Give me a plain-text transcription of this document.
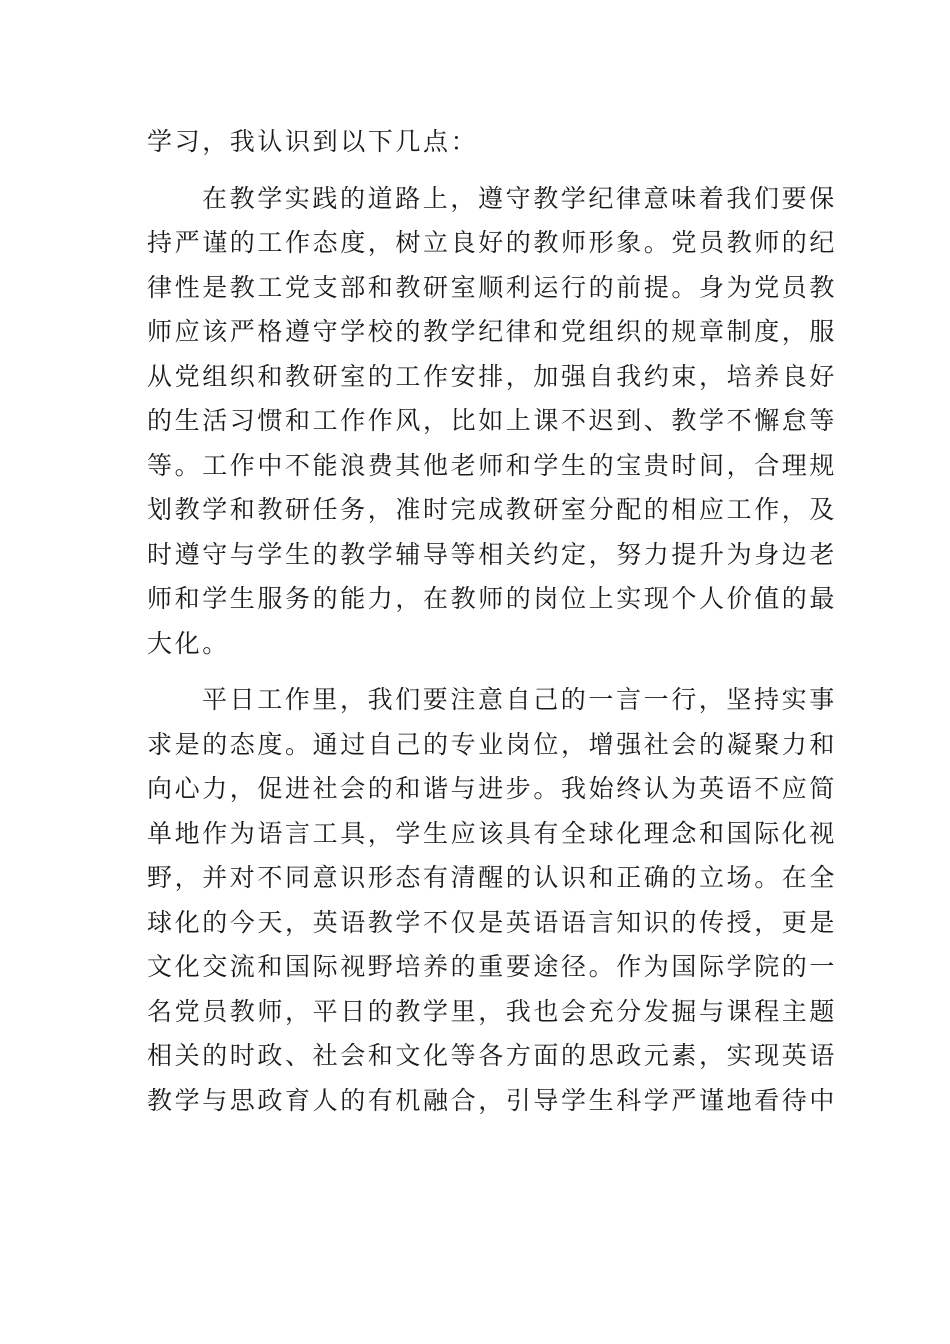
学习，我认识到以下几点：
在教学实践的道路上，遵守教学纪律意味着我们要保
持严谨的工作态度，树立良好的教师形象。党员教师的纪
律性是教工党支部和教研室顺利运行的前提。身为党员教
师应该严格遵守学校的教学纪律和党组织的规章制度，服
从党组织和教研室的工作安排，加强自我约束，培养良好
的生活习惯和工作作风，比如上课不迟到、教学不懈怠等
等。工作中不能浪费其他老师和学生的宝贵时间，合理规
划教学和教研任务，准时完成教研室分配的相应工作，及
时遵守与学生的教学辅导等相关约定，努力提升为身边老
师和学生服务的能力，在教师的岗位上实现个人价值的最
大化。
平日工作里，我们要注意自己的一言一行，坚持实事
求是的态度。通过自己的专业岗位，增强社会的凝聚力和
向心力，促进社会的和谐与进步。我始终认为英语不应简
单地作为语言工具，学生应该具有全球化理念和国际化视
野，并对不同意识形态有清醒的认识和正确的立场。在全
球化的今天，英语教学不仅是英语语言知识的传授，更是
文化交流和国际视野培养的重要途径。作为国际学院的一
名党员教师，平日的教学里，我也会充分发掘与课程主题
相关的时政、社会和文化等各方面的思政元素，实现英语
教学与思政育人的有机融合，引导学生科学严谨地看待中
